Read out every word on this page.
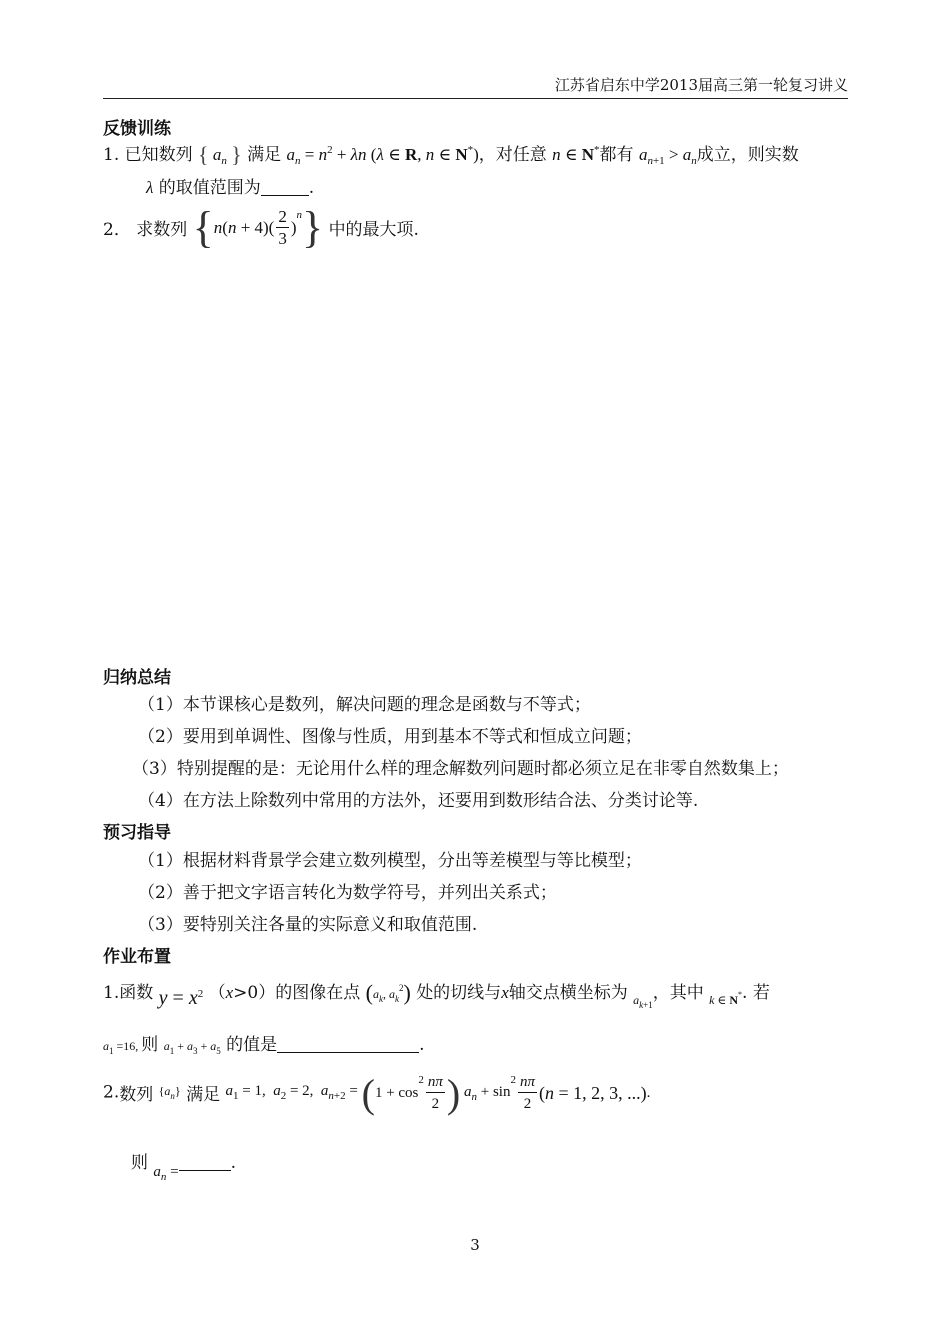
江苏省启东中学2013届高三第一轮复习讲义
反馈训练
1. 已知数列 { $a_n$ } 满足 $a_n = n^2 + \lambda n$ (λ ∈ R, n ∈ N*)，对任意 n ∈ N*都有 $a_{n+1} > a_n$成立，则实数
λ 的取值范围为	.
2． 求数列 $\{n(n + 4)( \frac{2}{3} )^n\}$ 中的最大项.
归纳总结
（1）本节课核心是数列，解决问题的理念是函数与不等式；
（2）要用到单调性、图像与性质，用到基本不等式和恒成立问题；
（3）特别提醒的是：无论用什么样的理念解数列问题时都必须立足在非零自然数集上；
（4）在方法上除数列中常用的方法外，还要用到数形结合法、分类讨论等.
预习指导
（1）根据材料背景学会建立数列模型，分出等差模型与等比模型；
（2）善于把文字语言转化为数学符号，并列出关系式；
（3）要特别关注各量的实际意义和取值范围.
作业布置
1.函数 $y = x^2$ （x>0）的图像在点 ($a_k$, $a_k^2$) 处的切线与x轴交点横坐标为 $_{a_{k+1}}$，其中 $_{k \in N^*}$. 若
$a_1 =16$, 则 $a_1 + a_3 + a_5$ 的值是	.
2.数列 $\{a_n\}$ 满足 $a_1 = 1$,  $a_2 = 2$,  $a_{n+2} = (1 + \cos^2 \frac{n\pi}{2}$ ) $a_n + \sin^2 \frac{n\pi}{2} (n = 1$, 2, 3, ...).
则 $a_n$ =	.
3
